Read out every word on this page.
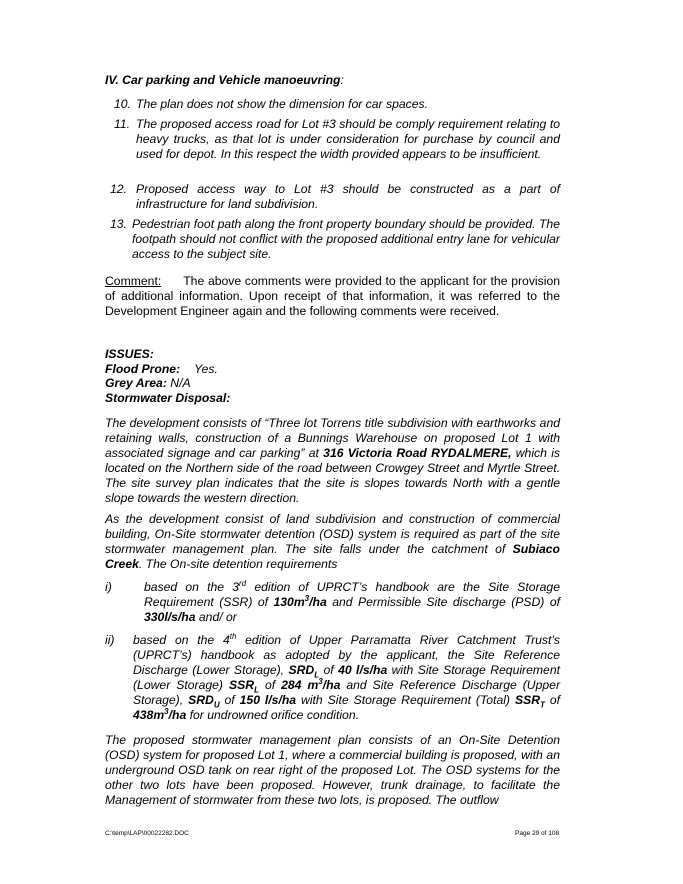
IV. Car parking and Vehicle manoeuvring:
10. The plan does not show the dimension for car spaces.
11. The proposed access road for Lot #3 should be comply requirement relating to heavy trucks, as that lot is under consideration for purchase by council and used for depot. In this respect the width provided appears to be insufficient.
12. Proposed access way to Lot #3 should be constructed as a part of infrastructure for land subdivision.
13. Pedestrian foot path along the front property boundary should be provided. The footpath should not conflict with the proposed additional entry lane for vehicular access to the subject site.
Comment: The above comments were provided to the applicant for the provision of additional information. Upon receipt of that information, it was referred to the Development Engineer again and the following comments were received.
ISSUES:
Flood Prone: Yes.
Grey Area: N/A
Stormwater Disposal:
The development consists of “Three lot Torrens title subdivision with earthworks and retaining walls, construction of a Bunnings Warehouse on proposed Lot 1 with associated signage and car parking” at 316 Victoria Road RYDALMERE, which is located on the Northern side of the road between Crowgey Street and Myrtle Street. The site survey plan indicates that the site is slopes towards North with a gentle slope towards the western direction.
As the development consist of land subdivision and construction of commercial building, On-Site stormwater detention (OSD) system is required as part of the site stormwater management plan. The site falls under the catchment of Subiaco Creek. The On-site detention requirements
i)	based on the 3rd edition of UPRCT’s handbook are the Site Storage Requirement (SSR) of $130m^3/ha$ and Permissible Site discharge (PSD) of 330l/s/ha and/ or
ii) based on the 4th edition of Upper Parramatta River Catchment Trust’s (UPRCT’s) handbook as adopted by the applicant, the Site Reference Discharge (Lower Storage), $SRD_L$ of 40 l/s/ha with Site Storage Requirement (Lower Storage) $SSR_L$ of 284 $m^3/ha$ and Site Reference Discharge (Upper Storage), $SRD_U$ of 150 l/s/ha with Site Storage Requirement (Total) $SSR_T$ of $438m^3/ha$ for undrowned orifice condition.
The proposed stormwater management plan consists of an On-Site Detention (OSD) system for proposed Lot 1, where a commercial building is proposed, with an underground OSD tank on rear right of the proposed Lot. The OSD systems for the other two lots have been proposed. However, trunk drainage, to facilitate the Management of stormwater from these two lots, is proposed. The outflow
C:\temp\LAP\00022282.DOC	Page 29 of 108
